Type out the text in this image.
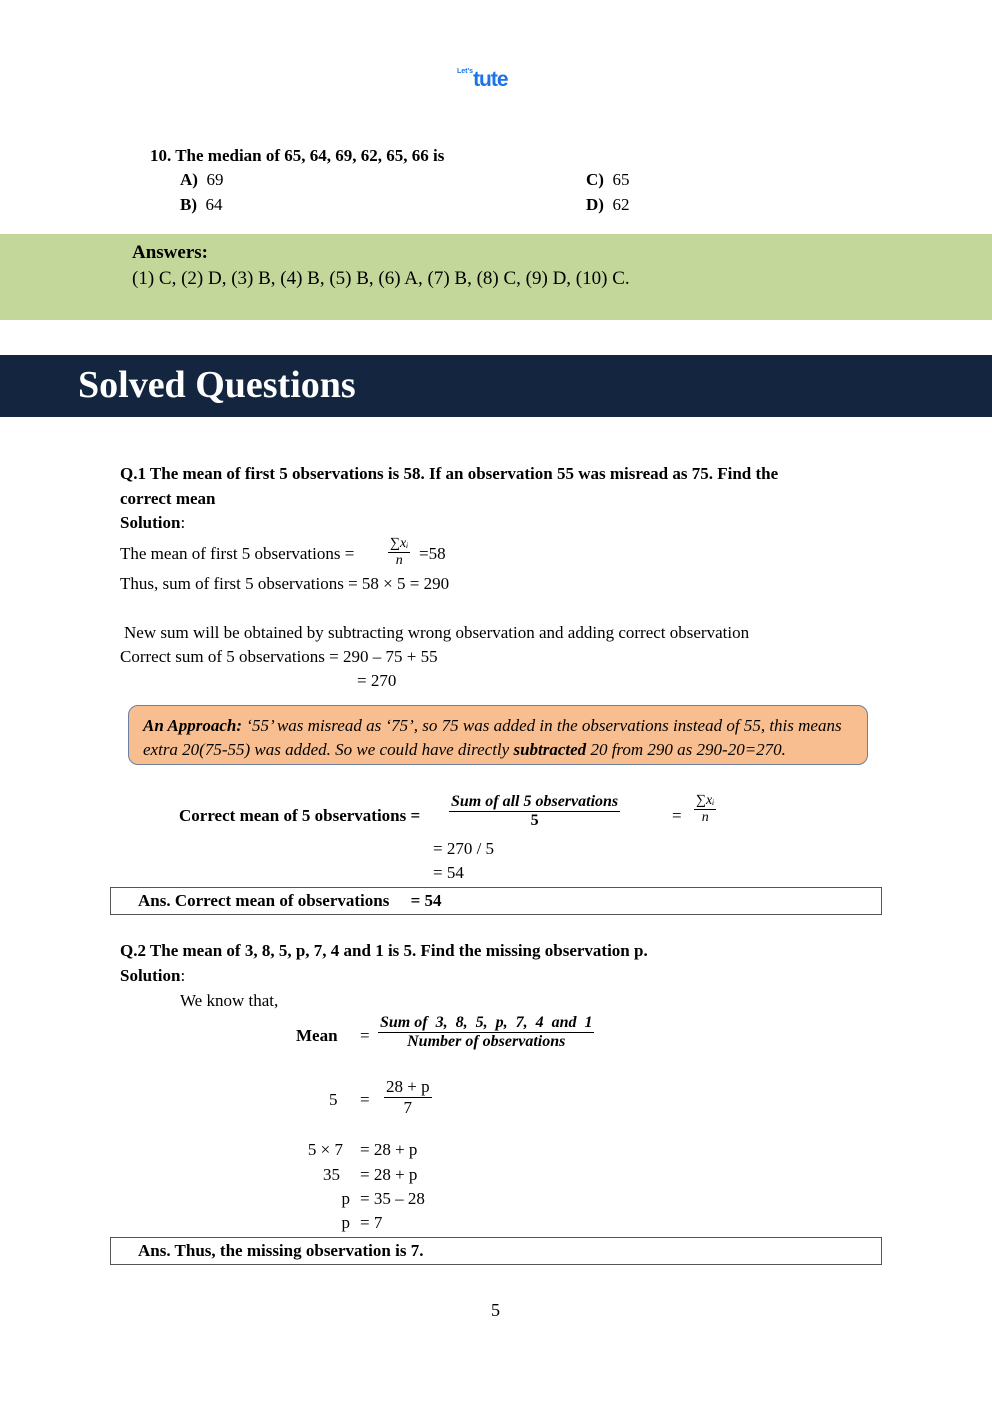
$^{Let's}$tute
10. The median of 65, 64, 69, 62, 65, 66 is
A) 69
B) 64
C) 65
D) 62
Answers:
(1) C, (2) D, (3) B, (4) B, (5) B, (6) A, (7) B, (8) C, (9) D, (10) C.
Solved Questions
Q.1 The mean of first 5 observations is 58. If an observation 55 was misread as 75. Find the
correct mean
Solution:
The mean of first 5 observations = $\frac{\text{∑xᵢ}}{n} =58$
Thus, sum of first 5 observations = 58 × 5 = 290
New sum will be obtained by subtracting wrong observation and adding correct observation
Correct sum of 5 observations = 290 – 75 + 55
= 270
An Approach: ‘55’ was misread as ‘75’, so 75 was added in the observations instead of 55, this means extra 20(75-55) was added. So we could have directly subtracted 20 from 290 as 290-20=270.
Correct mean of 5 observations =
Sum of all 5 observations
5	= $\frac{\text{∑xᵢ}}{n}$
= 270 / 5
= 54
Ans. Correct mean of observations     = 54
Q.2 The mean of 3, 8, 5, p, 7, 4 and 1 is 5. Find the missing observation p.
Solution:
We know that,
Mean =
Sum of  3,  8,  5,  p,  7,  4  and  1
Number of observations
$5 = \frac{28 + p}{7}$
5 × 7 = 28 + p
35 = 28 + p
p = 35 – 28
p = 7
Ans. Thus, the missing observation is 7.
5
